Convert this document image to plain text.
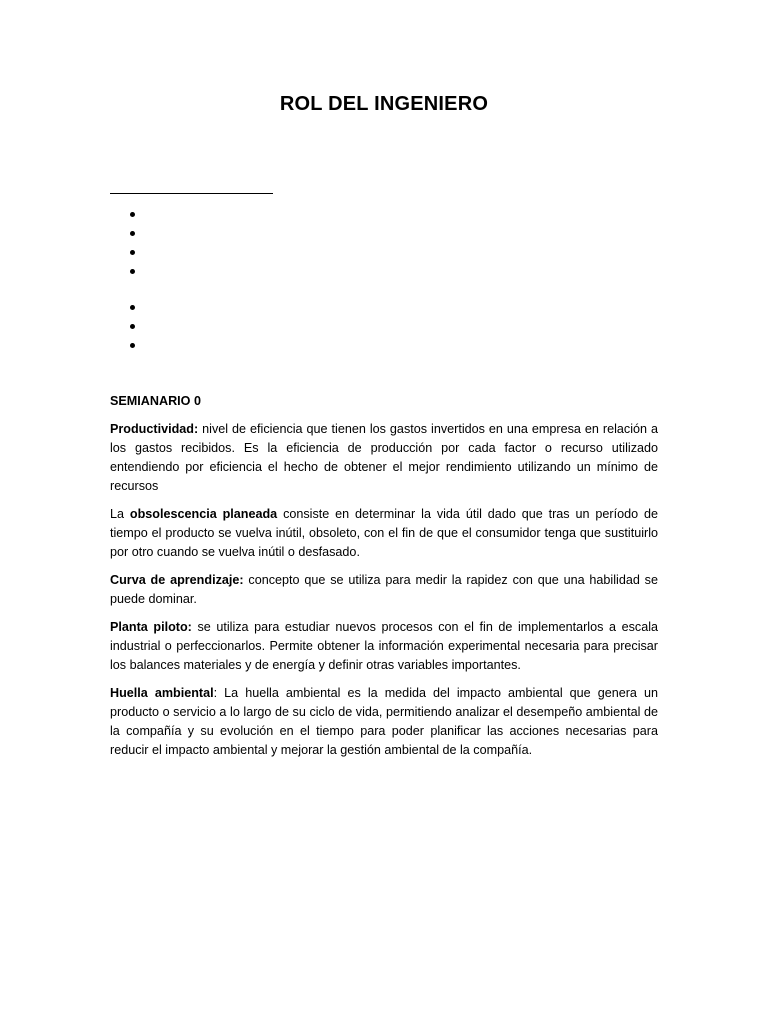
ROL DEL INGENIERO

SEMIANARIO 0

Productividad: nivel de eficiencia que tienen los gastos invertidos en una empresa en relación a los gastos recibidos. Es la eficiencia de producción por cada factor o recurso utilizado entendiendo por eficiencia el hecho de obtener el mejor rendimiento utilizando un mínimo de recursos

La obsolescencia planeada consiste en determinar la vida útil dado que tras un período de tiempo el producto se vuelva inútil, obsoleto, con el fin de que el consumidor tenga que sustituirlo por otro cuando se vuelva inútil o desfasado.

Curva de aprendizaje: concepto que se utiliza para medir la rapidez con que una habilidad se puede dominar.

Planta piloto: se utiliza para estudiar nuevos procesos con el fin de implementarlos a escala industrial o perfeccionarlos. Permite obtener la información experimental necesaria para precisar los balances materiales y de energía y definir otras variables importantes.

Huella ambiental: La huella ambiental es la medida del impacto ambiental que genera un producto o servicio a lo largo de su ciclo de vida, permitiendo analizar el desempeño ambiental de la compañía y su evolución en el tiempo para poder planificar las acciones necesarias para reducir el impacto ambiental y mejorar la gestión ambiental de la compañía.
